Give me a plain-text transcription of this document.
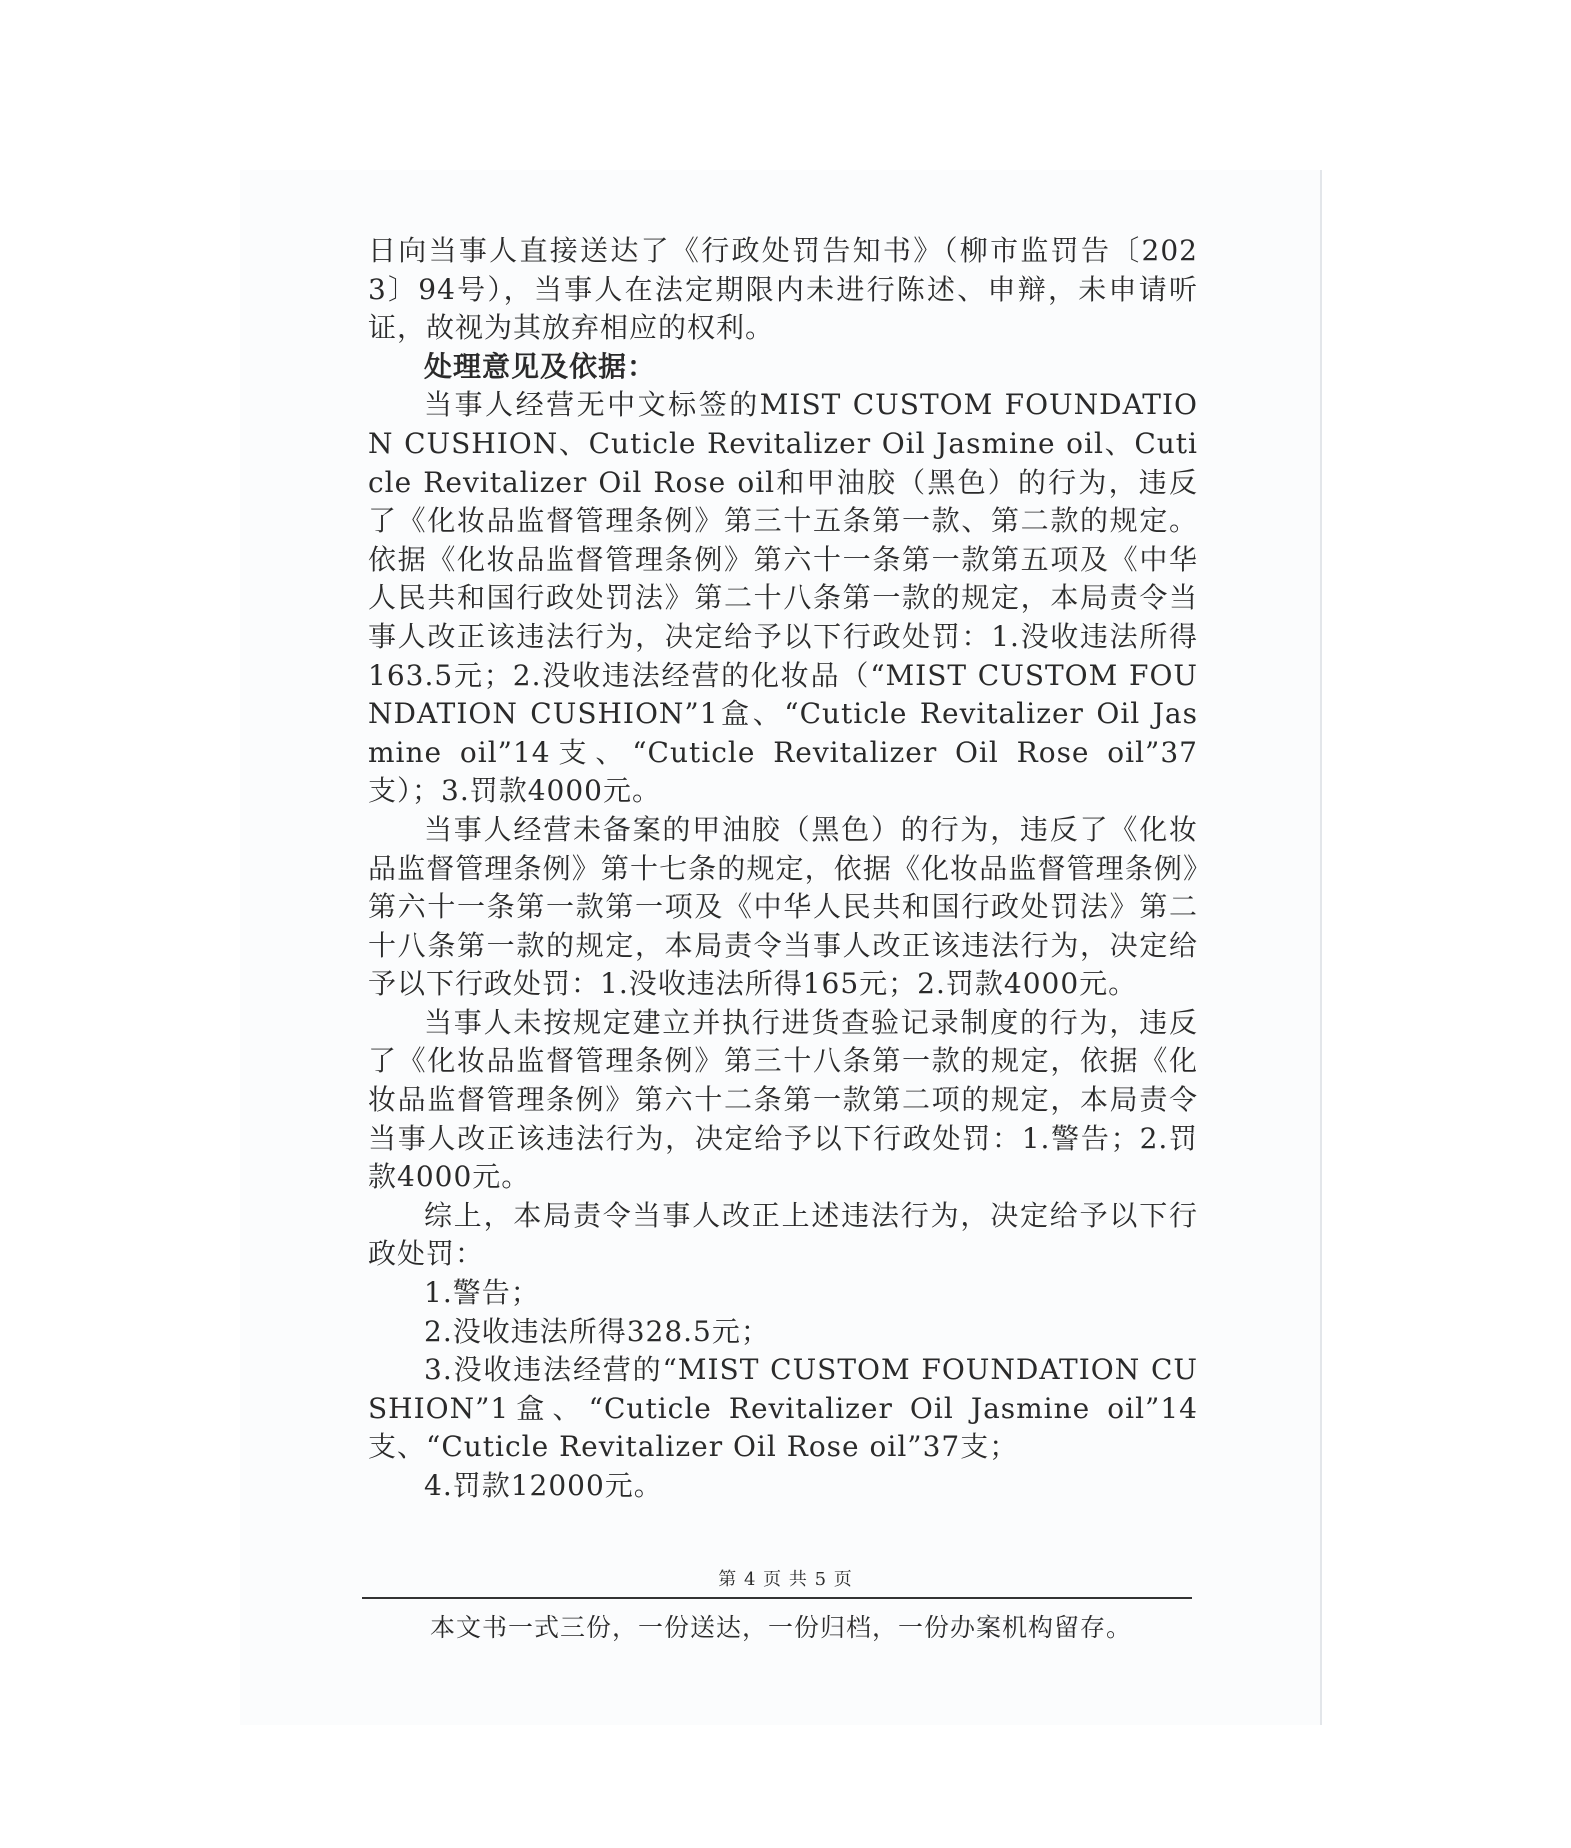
日向当事人直接送达了《行政处罚告知书》（柳市监罚告〔2023〕94号），当事人在法定期限内未进行陈述、申辩，未申请听证，故视为其放弃相应的权利。

处理意见及依据：

当事人经营无中文标签的MIST CUSTOM FOUNDATION CUSHION、Cuticle Revitalizer Oil Jasmine oil、Cuticle Revitalizer Oil Rose oil和甲油胶（黑色）的行为，违反了《化妆品监督管理条例》第三十五条第一款、第二款的规定。依据《化妆品监督管理条例》第六十一条第一款第五项及《中华人民共和国行政处罚法》第二十八条第一款的规定，本局责令当事人改正该违法行为，决定给予以下行政处罚：1.没收违法所得163.5元；2.没收违法经营的化妆品（“MIST CUSTOM FOUNDATION CUSHION”1盒、“Cuticle Revitalizer Oil Jasmine oil”14支、“Cuticle Revitalizer Oil Rose oil”37支）；3.罚款4000元。

当事人经营未备案的甲油胶（黑色）的行为，违反了《化妆品监督管理条例》第十七条的规定，依据《化妆品监督管理条例》第六十一条第一款第一项及《中华人民共和国行政处罚法》第二十八条第一款的规定，本局责令当事人改正该违法行为，决定给予以下行政处罚：1.没收违法所得165元；2.罚款4000元。

当事人未按规定建立并执行进货查验记录制度的行为，违反了《化妆品监督管理条例》第三十八条第一款的规定，依据《化妆品监督管理条例》第六十二条第一款第二项的规定，本局责令当事人改正该违法行为，决定给予以下行政处罚：1.警告；2.罚款4000元。

综上，本局责令当事人改正上述违法行为，决定给予以下行政处罚：

1.警告；

2.没收违法所得328.5元；

3.没收违法经营的“MIST CUSTOM FOUNDATION CUSHION”1盒、“Cuticle Revitalizer Oil Jasmine oil”14支、“Cuticle Revitalizer Oil Rose oil”37支；

4.罚款12000元。

第 4 页 共 5 页
本文书一式三份，一份送达，一份归档，一份办案机构留存。
